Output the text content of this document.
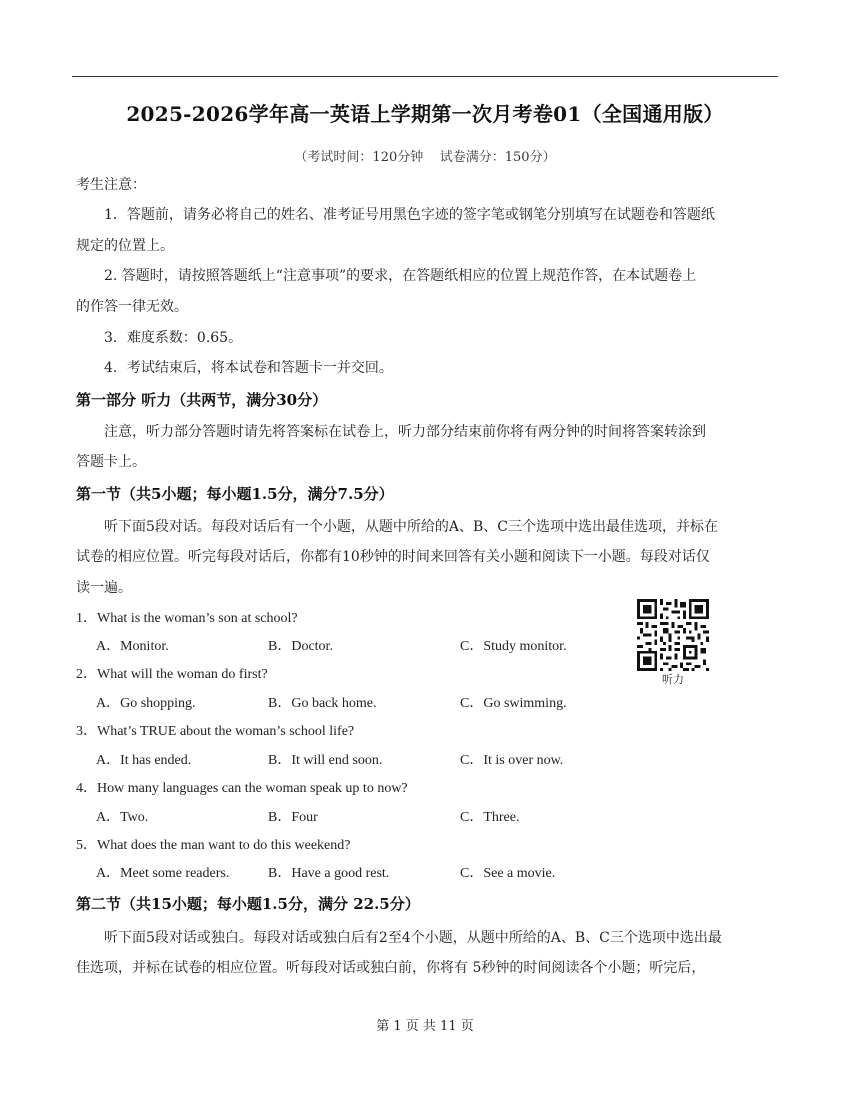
2025-2026学年高一英语上学期第一次月考卷01（全国通用版）
（考试时间：120分钟    试卷满分：150分）
考生注意：
1．答题前，请务必将自己的姓名、准考证号用黑色字迹的签字笔或钢笔分别填写在试题卷和答题纸
规定的位置上。
2. 答题时，请按照答题纸上“注意事项”的要求，在答题纸相应的位置上规范作答，在本试题卷上
的作答一律无效。
3．难度系数：0.65。
4．考试结束后，将本试卷和答题卡一并交回。
第一部分 听力（共两节，满分30分）
注意，听力部分答题时请先将答案标在试卷上，听力部分结束前你将有两分钟的时间将答案转涂到
答题卡上。
第一节（共5小题；每小题1.5分，满分7.5分）
听下面5段对话。每段对话后有一个小题，从题中所给的A、B、C三个选项中选出最佳选项，并标在
试卷的相应位置。听完每段对话后，你都有10秒钟的时间来回答有关小题和阅读下一小题。每段对话仅
读一遍。
1．What is the woman’s son at school?
A．Monitor.	B．Doctor.	C．Study monitor.
2．What will the woman do first?
A．Go shopping.	B．Go back home.	C．Go swimming.
3．What’s TRUE about the woman’s school life?
A．It has ended.	B．It will end soon.	C．It is over now.
4．How many languages can the woman speak up to now?
A．Two.	B．Four	C．Three.
5．What does the man want to do this weekend?
A．Meet some readers.	B．Have a good rest.	C．See a movie.
听力
第二节（共15小题；每小题1.5分，满分 22.5分）
听下面5段对话或独白。每段对话或独白后有2至4个小题，从题中所给的A、B、C三个选项中选出最
佳选项，并标在试卷的相应位置。听每段对话或独白前，你将有 5秒钟的时间阅读各个小题；听完后，
第 1 页 共 11 页
